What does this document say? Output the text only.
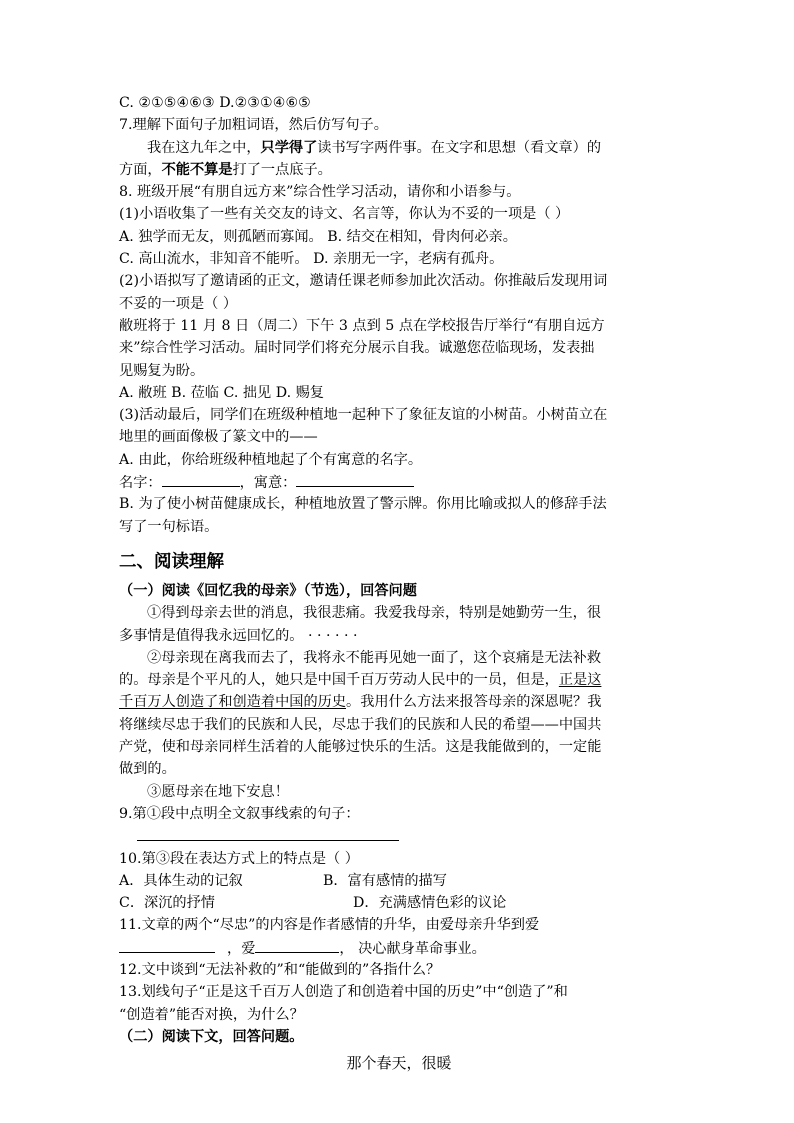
C. ②①⑤④⑥③ D.②③①④⑥⑤
7.理解下面句子加粗词语，然后仿写句子。
我在这九年之中，只学得了读书写字两件事。在文字和思想（看文章）的
方面，不能不算是打了一点底子。
8. 班级开展“有朋自远方来”综合性学习活动，请你和小语参与。
(1)小语收集了一些有关交友的诗文、名言等，你认为不妥的一项是（ ）
A. 独学而无友，则孤陋而寡闻。 B. 结交在相知，骨肉何必亲。
C. 高山流水，非知音不能听。 D. 亲朋无一字，老病有孤舟。
(2)小语拟写了邀请函的正文，邀请任课老师参加此次活动。你推敲后发现用词
不妥的一项是（ ）
敝班将于 11 月 8 日（周二）下午 3 点到 5 点在学校报告厅举行“有朋自远方
来”综合性学习活动。届时同学们将充分展示自我。诚邀您莅临现场，发表拙
见赐复为盼。
A. 敝班 B. 莅临 C. 拙见 D. 赐复
(3)活动最后，同学们在班级种植地一起种下了象征友谊的小树苗。小树苗立在
地里的画面像极了篆文中的——
A. 由此，你给班级种植地起了个有寓意的名字。
名字：	，寓意：
B. 为了使小树苗健康成长，种植地放置了警示牌。你用比喻或拟人的修辞手法
写了一句标语。
二、阅读理解
（一）阅读《回忆我的母亲》（节选），回答问题
①得到母亲去世的消息，我很悲痛。我爱我母亲，特别是她勤劳一生，很
多事情是值得我永远回忆的。 · · · · · ·
②母亲现在离我而去了，我将永不能再见她一面了，这个哀痛是无法补救
的。母亲是个平凡的人，她只是中国千百万劳动人民中的一员，但是，正是这
千百万人创造了和创造着中国的历史。我用什么方法来报答母亲的深恩呢？我
将继续尽忠于我们的民族和人民，尽忠于我们的民族和人民的希望——中国共
产党，使和母亲同样生活着的人能够过快乐的生活。这是我能做到的，一定能
做到的。
③愿母亲在地下安息！
9.第①段中点明全文叙事线索的句子：
10.第③段在表达方式上的特点是（ ）
A．具体生动的记叙	B．富有感情的描写
C．深沉的抒情	D．充满感情色彩的议论
11.文章的两个“尽忠”的内容是作者感情的升华，由爱母亲升华到爱
，爱	， 决心献身革命事业。
12.文中谈到“无法补救的”和“能做到的”各指什么？
13.划线句子“正是这千百万人创造了和创造着中国的历史”中“创造了”和
“创造着”能否对换，为什么？
（二）阅读下文，回答问题。
那个春天，很暖
